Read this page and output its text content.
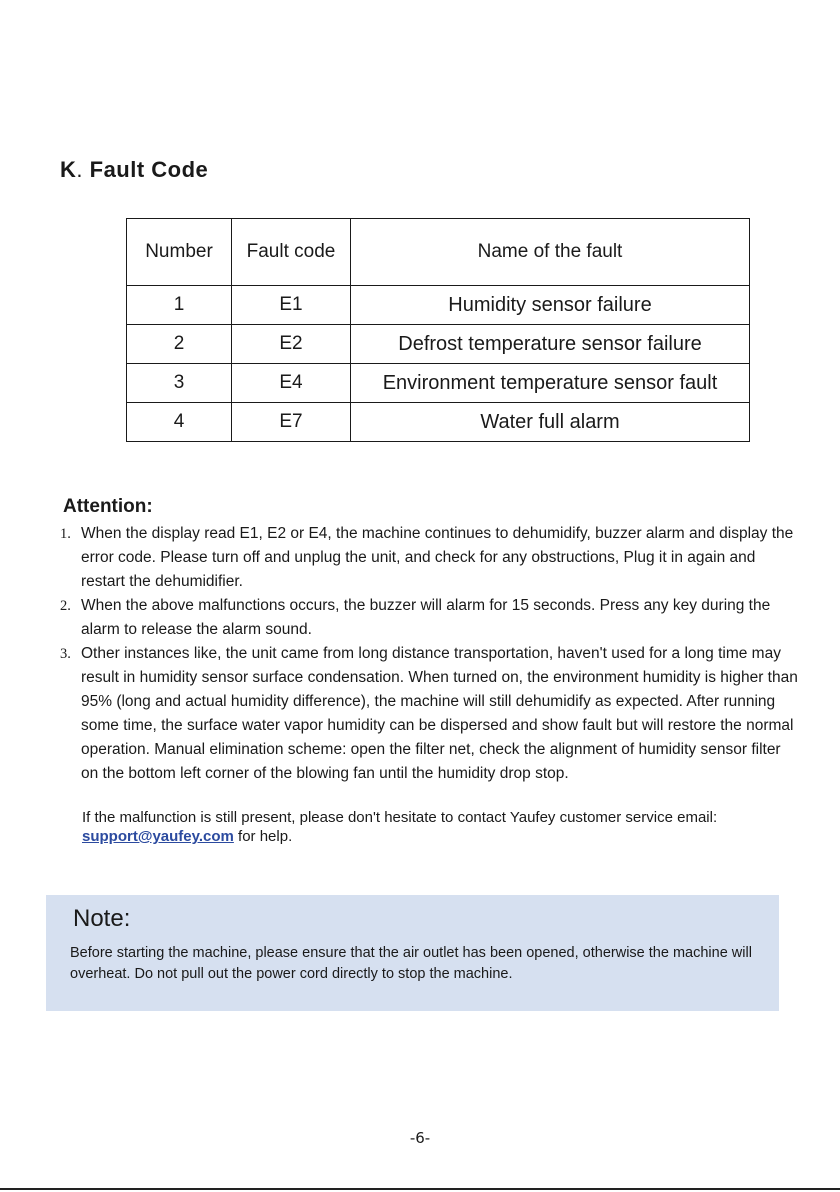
K. Fault Code
Number	Fault code	Name of the fault
1	E1	Humidity sensor failure
2	E2	Defrost temperature sensor failure
3	E4	Environment temperature sensor fault
4	E7	Water full alarm
Attention:
1. When the display read E1, E2 or E4, the machine continues to dehumidify, buzzer alarm and display the error code. Please turn off and unplug the unit, and check for any obstructions, Plug it in again and restart the dehumidifier.
2. When the above malfunctions occurs, the buzzer will alarm for 15 seconds. Press any key during the alarm to release the alarm sound.
3. Other instances like, the unit came from long distance transportation, haven't used for a long time may result in humidity sensor surface condensation. When turned on, the environment humidity is higher than 95% (long and actual humidity difference), the machine will still dehumidify as expected. After running some time, the surface water vapor humidity can be dispersed and show fault but will restore the normal operation. Manual elimination scheme: open the filter net, check the alignment of humidity sensor filter on the bottom left corner of the blowing fan until the humidity drop stop.
If the malfunction is still present, please don't hesitate to contact Yaufey customer service email: support@yaufey.com for help.
Note:
Before starting the machine, please ensure that the air outlet has been opened, otherwise the machine will overheat. Do not pull out the power cord directly to stop the machine.
-6-
